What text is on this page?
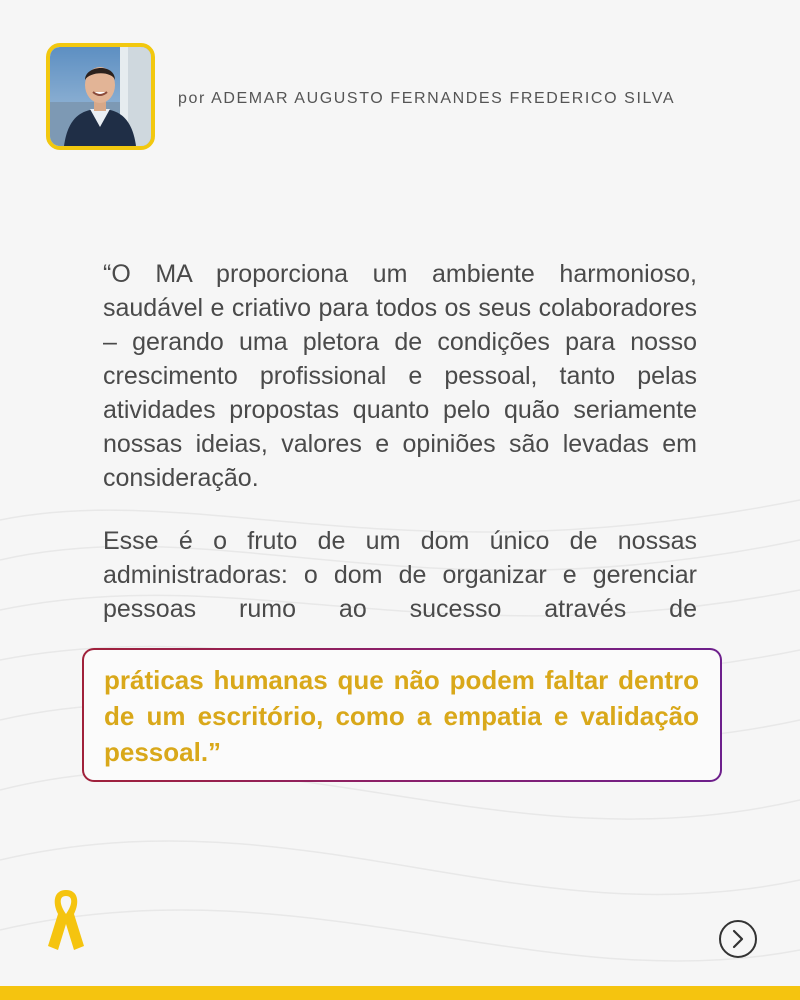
por ADEMAR AUGUSTO FERNANDES FREDERICO SILVA

“O MA proporciona um ambiente harmonioso, saudável e criativo para todos os seus colaboradores – gerando uma pletora de condições para nosso crescimento profissional e pessoal, tanto pelas atividades propostas quanto pelo quão seriamente nossas ideias, valores e opiniões são levadas em consideração.

Esse é o fruto de um dom único de nossas administradoras: o dom de organizar e gerenciar pessoas rumo ao sucesso através de

práticas humanas que não podem faltar dentro de um escritório, como a empatia e validação pessoal.”
